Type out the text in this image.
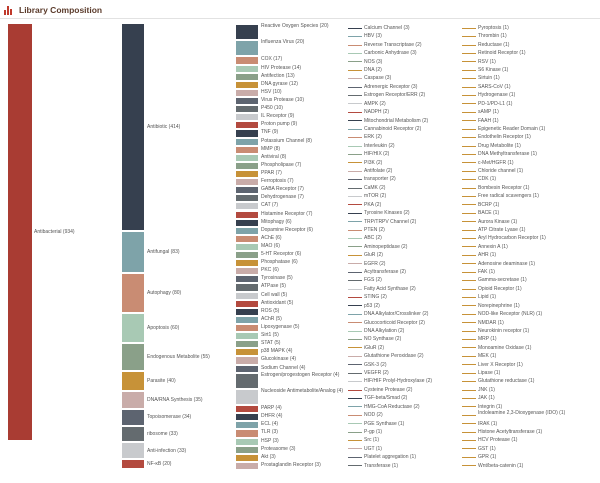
Library Composition
Antibacterial (934)
Antibiotic (414)
Antifungal (83)
Autophagy (80)
Apoptosis (60)
Endogenous Metabolite (55)
Parasite (40)
DNA/RNA Synthesis (35)
Topoisomerase (34)
ribosome (33)
Anti-infection (33)
NF-κB (20)
Reactive Oxygen Species (20)
Influenza Virus (20)
COX (17)
HIV Protease (14)
Antifection (13)
DNA gyrase (12)
HSV (10)
Virus Protease (10)
P450 (10)
IL Receptor (9)
Proton pump (9)
TNF (9)
Potassium Channel (8)
MMP (8)
Antiviral (8)
Phospholipase (7)
PPAR (7)
Ferroptosis (7)
GABA Receptor (7)
Dehydrogenase (7)
CAT (7)
Histamine Receptor (7)
Mitophagy (6)
Dopamine Receptor (6)
AChE (6)
MAO (6)
5-HT Receptor (6)
Phosphatase (6)
PKC (6)
Tyrosinase (5)
ATPase (5)
Cell wall (5)
Antioxidant (5)
ROS (5)
AChR (5)
Lipoxygenase (5)
Sirt1 (5)
STAT (5)
p38 MAPK (4)
Glucokinase (4)
Sodium Channel (4)
Estrogen/progestogen Receptor (4)
Nucleoside Antimetabolite/Analog (4)
PARP (4)
DHFR (4)
ECL (4)
TLR (3)
HSP (3)
Proteasome (3)
Akt (3)
Prostaglandin Receptor (3)
Calcium Channel (3)
HBV (3)
Reverse Transcriptase (2)
Carbonic Anhydrase (3)
NOS (3)
DNA (2)
Caspase (3)
Adrenergic Receptor (3)
Estrogen Receptor/ERR (2)
AMPK (2)
NADPH (2)
Mitochondrial Metabolism (2)
Cannabinoid Receptor (2)
ERK (2)
Interleukin (2)
HIF/HIX (2)
PI3K (2)
Antifolate (2)
transporter (2)
CaMK (2)
mTOR (2)
PKA (2)
Tyrosine Kinases (2)
TRP/TRPV Channel (2)
PTEN (2)
ABC (2)
Aminopeptidase (2)
GluR (2)
EGFR (2)
Acyltransferase (2)
FGS (2)
Fatty Acid Synthase (2)
STING (2)
p53 (2)
DNA Alkylator/Crosslinker (2)
Glucocorticoid Receptor (2)
DNA Alkylation (2)
NO Synthase (2)
iGluR (2)
Glutathione Peroxidase (2)
GSK-3 (2)
VEGFR (2)
HIF/HIF Prolyl-Hydroxylase (2)
Cysteine Protease (2)
TGF-beta/Smad (2)
HMG-CoA Reductase (2)
NOD (2)
PGE Synthase (1)
P-gp (1)
Src (1)
UGT (1)
Platelet aggregation (1)
Transferase (1)
Pyroptosis (1)
Thrombin (1)
Reductase (1)
Retinoid Receptor (1)
RSV (1)
S6 Kinase (1)
Sirtuin (1)
SARS-CoV (1)
Hydrogenase (1)
PD-1/PD-L1 (1)
sAMP (1)
FAAH (1)
Epigenetic Reader Domain (1)
Endothelin Receptor (1)
Drug Metabolite (1)
DNA Methyltransferase (1)
c-Met/HGFR (1)
Chloride channel (1)
CDK (1)
Bombesin Receptor (1)
Free radical scavengers (1)
BCRP (1)
BACE (1)
Aurora Kinase (1)
ATP Citrate Lyase (1)
Aryl Hydrocarbon Receptor (1)
Annexin A (1)
AHR (1)
Adenosine deaminase (1)
FAK (1)
Gamma-secretase (1)
Opioid Receptor (1)
Lipid (1)
Norepinephrine (1)
NOD-like Receptor (NLR) (1)
NMDAR (1)
Neurokinin receptor (1)
MRP (1)
Monoamine Oxidase (1)
MEK (1)
Liver X Receptor (1)
Lipase (1)
Glutathione reductase (1)
JNK (1)
JAK (1)
Integrin (1)
Indoleamine 2,3-Dioxygenase (IDO) (1)
IRAK (1)
Histone Acetyltransferase (1)
HCV Protease (1)
GST (1)
GPR (1)
Wnt/beta-catenin (1)
